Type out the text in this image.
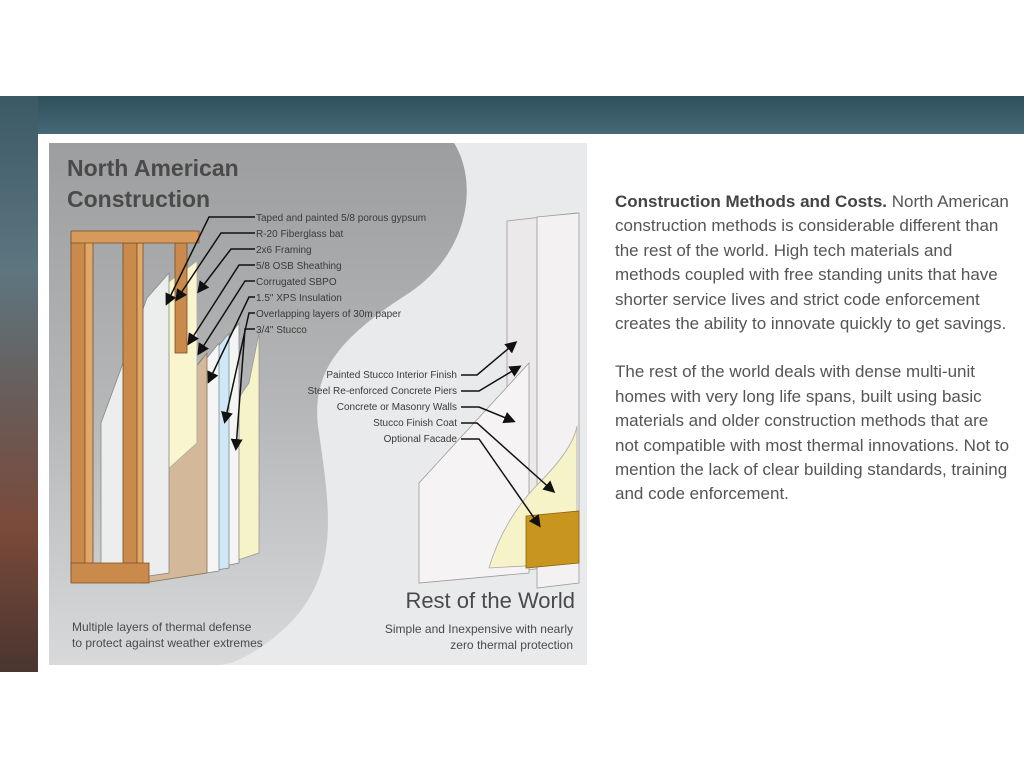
North American
Construction
Taped and painted 5/8 porous gypsum
R-20 Fiberglass bat
2x6 Framing
5/8 OSB Sheathing
Corrugated SBPO
1.5" XPS Insulation
Overlapping layers of 30m paper
3/4" Stucco
Painted Stucco Interior Finish
Steel Re-enforced Concrete Piers
Concrete or Masonry Walls
Stucco Finish Coat
Optional Facade
Rest of the World
Multiple layers of thermal defense
to protect against weather extremes
Simple and Inexpensive with nearly
zero thermal protection

Construction Methods and Costs. North American construction methods is considerable different than the rest of the world. High tech materials and methods coupled with free standing units that have shorter service lives and strict code enforcement creates the ability to innovate quickly to get savings.

The rest of the world deals with dense multi-unit homes with very long life spans, built using basic materials and older construction methods that are not compatible with most thermal innovations. Not to mention the lack of clear building standards, training and code enforcement.
